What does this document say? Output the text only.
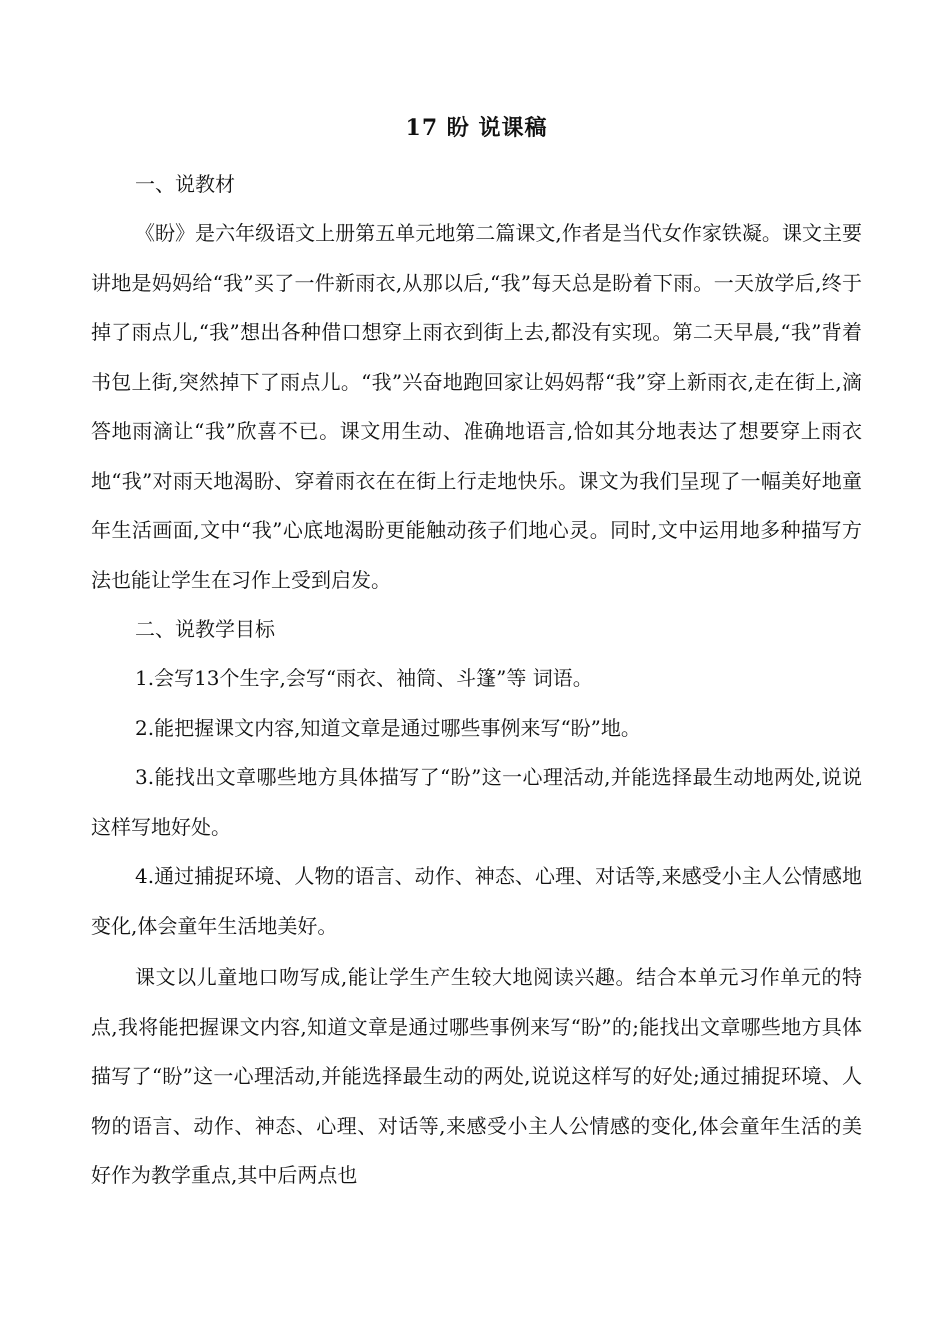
17 盼 说课稿

一、说教材

《盼》是六年级语文上册第五单元地第二篇课文,作者是当代女作家铁凝。课文主要讲地是妈妈给“我”买了一件新雨衣,从那以后,“我”每天总是盼着下雨。一天放学后,终于掉了雨点儿,“我”想出各种借口想穿上雨衣到街上去,都没有实现。第二天早晨,“我”背着书包上街,突然掉下了雨点儿。“我”兴奋地跑回家让妈妈帮“我”穿上新雨衣,走在街上,滴答地雨滴让“我”欣喜不已。课文用生动、准确地语言,恰如其分地表达了想要穿上雨衣地“我”对雨天地渴盼、穿着雨衣在在街上行走地快乐。课文为我们呈现了一幅美好地童年生活画面,文中“我”心底地渴盼更能触动孩子们地心灵。同时,文中运用地多种描写方法也能让学生在习作上受到启发。

二、说教学目标

1.会写13个生字,会写“雨衣、袖筒、斗篷”等 词语。

2.能把握课文内容,知道文章是通过哪些事例来写“盼”地。

3.能找出文章哪些地方具体描写了“盼”这一心理活动,并能选择最生动地两处,说说这样写地好处。

4.通过捕捉环境、人物的语言、动作、神态、心理、对话等,来感受小主人公情感地变化,体会童年生活地美好。

课文以儿童地口吻写成,能让学生产生较大地阅读兴趣。结合本单元习作单元的特点,我将能把握课文内容,知道文章是通过哪些事例来写“盼”的;能找出文章哪些地方具体描写了“盼”这一心理活动,并能选择最生动的两处,说说这样写的好处;通过捕捉环境、人物的语言、动作、神态、心理、对话等,来感受小主人公情感的变化,体会童年生活的美好作为教学重点,其中后两点也
